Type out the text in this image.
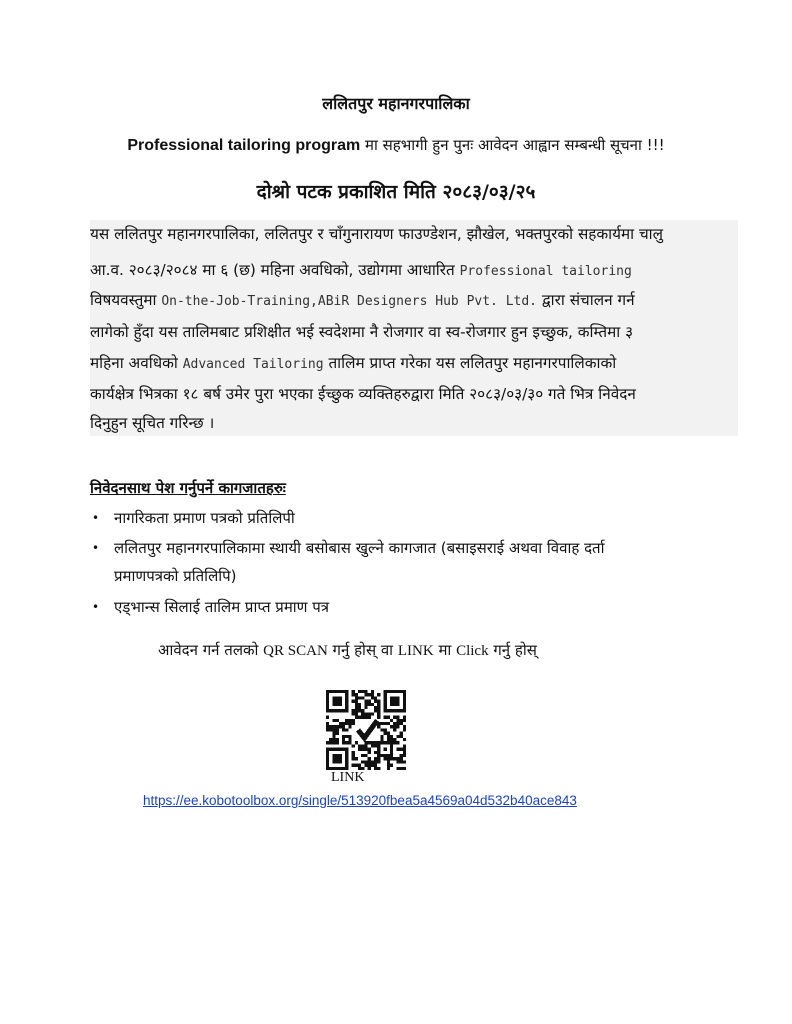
ललितपुर महानगरपालिका
Professional tailoring program मा सहभागी हुन पुनः आवेदन आह्वान सम्बन्धी सूचना !!!
दोश्रो पटक प्रकाशित मिति २०८३/०३/२५
यस ललितपुर महानगरपालिका, ललितपुर र चाँगुनारायण फाउण्डेशन, झौखेल, भक्तपुरको सहकार्यमा चालु
आ.व. २०८३/२०८४ मा ६ (छ) महिना अवधिको, उद्योगमा आधारित Professional tailoring
विषयवस्तुमा On-the-Job-Training,ABiR Designers Hub Pvt. Ltd. द्वारा संचालन गर्न
लागेको हुँदा यस तालिमबाट प्रशिक्षीत भई स्वदेशमा नै रोजगार वा स्व-रोजगार हुन इच्छुक, कम्तिमा ३
महिना अवधिको Advanced Tailoring तालिम प्राप्त गरेका यस ललितपुर महानगरपालिकाको
कार्यक्षेत्र भित्रका १८ बर्ष उमेर पुरा भएका ईच्छुक व्यक्तिहरुद्वारा मिति २०८३/०३/३० गते भित्र निवेदन
दिनुहुन सूचित गरिन्छ ।
निवेदनसाथ पेश गर्नुपर्ने कागजातहरुः
• नागरिकता प्रमाण पत्रको प्रतिलिपी
• ललितपुर महानगरपालिकामा स्थायी बसोबास खुल्ने कागजात (बसाइसराई अथवा विवाह दर्ता
प्रमाणपत्रको प्रतिलिपि)
• एड्भान्स सिलाई तालिम प्राप्त प्रमाण पत्र
आवेदन गर्न तलको QR SCAN गर्नु होस् वा LINK मा Click गर्नु होस्
LINK
https://ee.kobotoolbox.org/single/513920fbea5a4569a04d532b40ace843
